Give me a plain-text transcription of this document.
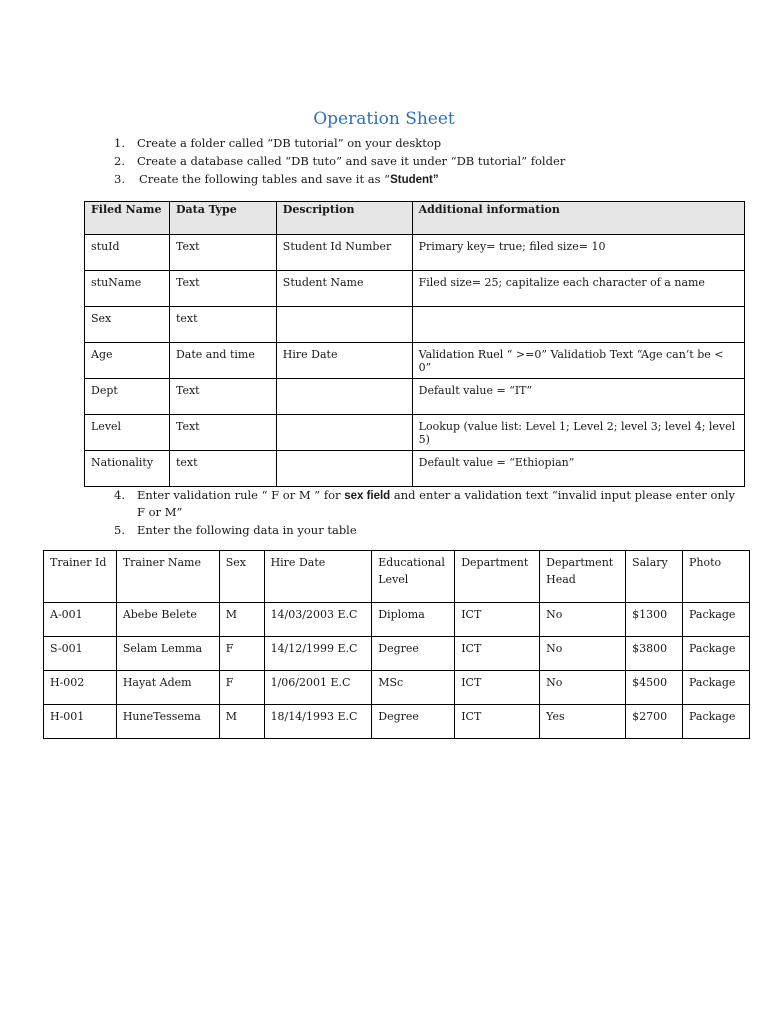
Operation Sheet
1. Create a folder called “DB tutorial” on your desktop
2. Create a database called “DB tuto” and save it under “DB tutorial” folder
3. Create the following tables and save it as “Student”
Filed Name	Data Type	Description	Additional information
stuId	Text	Student Id Number	Primary key= true; filed size= 10
stuName	Text	Student Name	Filed size= 25; capitalize each character of a name
Sex	text		
Age	Date and time	Hire Date	Validation Ruel “ >=0” Validatiob Text “Age can’t be < 0”
Dept	Text		Default value = “IT”
Level	Text		Lookup (value list: Level 1; Level 2; level 3; level 4; level 5)
Nationality	text		Default value = “Ethiopian”
4. Enter validation rule “ F or M ” for sex field and enter a validation text “invalid input please enter only
F or M”
5. Enter the following data in your table
Trainer Id	Trainer Name	Sex	Hire Date	Educational Level	Department	Department Head	Salary	Photo
A-001	Abebe Belete	M	14/03/2003 E.C	Diploma	ICT	No	$1300	Package
S-001	Selam Lemma	F	14/12/1999 E.C	Degree	ICT	No	$3800	Package
H-002	Hayat Adem	F	1/06/2001 E.C	MSc	ICT	No	$4500	Package
H-001	HuneTessema	M	18/14/1993 E.C	Degree	ICT	Yes	$2700	Package
